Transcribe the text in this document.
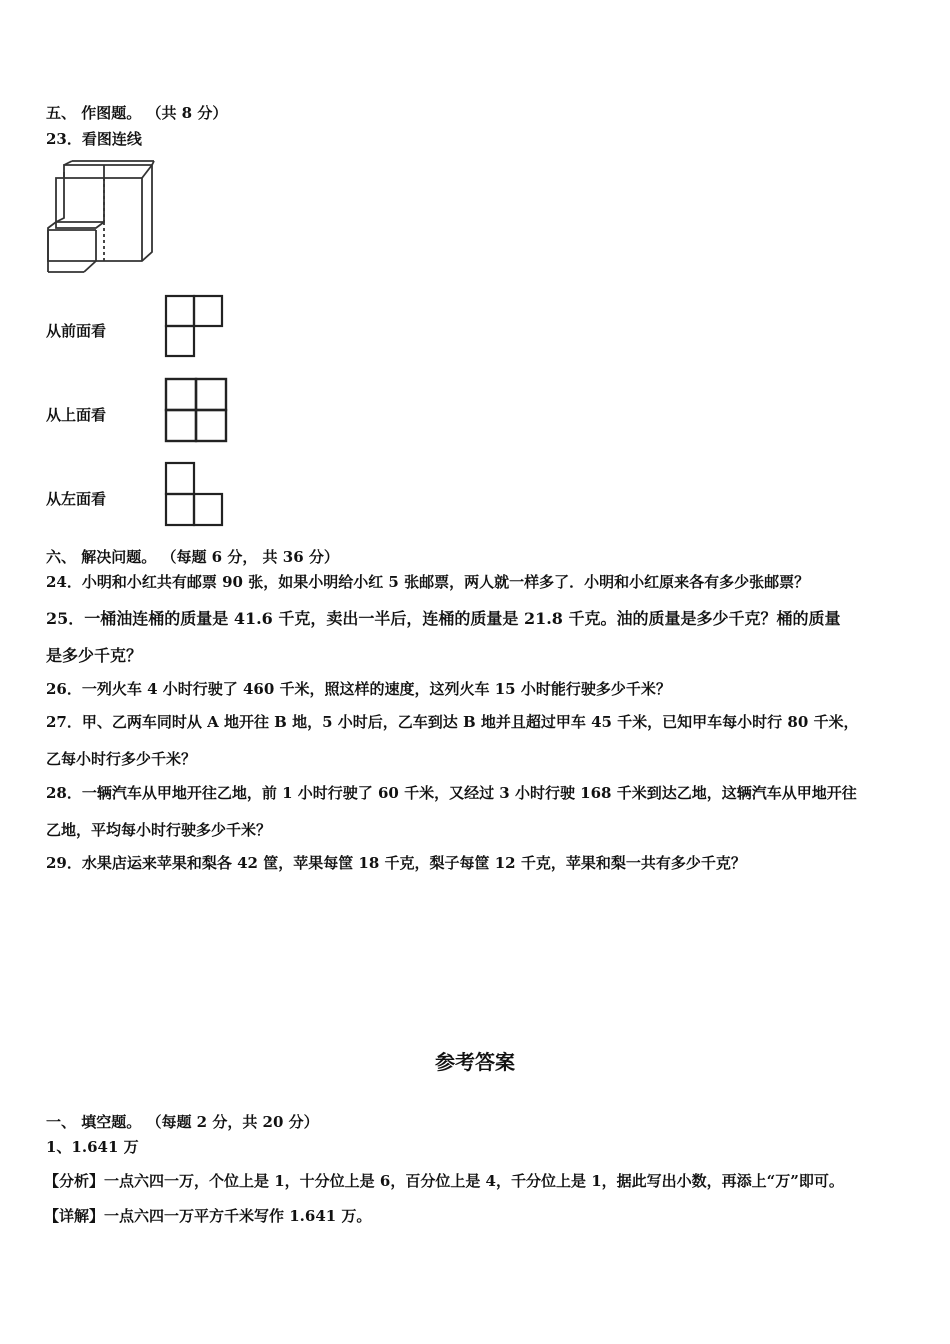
五、 作图题。 （共 8 分）
23．看图连线
从前面看
从上面看
从左面看
六、 解决问题。 （每题 6 分， 共 36 分）
24．小明和小红共有邮票 90 张，如果小明给小红 5 张邮票，两人就一样多了．小明和小红原来各有多少张邮票？
25．一桶油连桶的质量是 41.6 千克，卖出一半后，连桶的质量是 21.8 千克。油的质量是多少千克？桶的质量
是多少千克？
26．一列火车 4 小时行驶了 460 千米，照这样的速度，这列火车 15 小时能行驶多少千米？
27．甲、乙两车同时从 A 地开往 B 地，5 小时后，乙车到达 B 地并且超过甲车 45 千米，已知甲车每小时行 80 千米，
乙每小时行多少千米？
28．一辆汽车从甲地开往乙地，前 1 小时行驶了 60 千米，又经过 3 小时行驶 168 千米到达乙地，这辆汽车从甲地开往
乙地，平均每小时行驶多少千米？
29．水果店运来苹果和梨各 42 筐，苹果每筐 18 千克，梨子每筐 12 千克，苹果和梨一共有多少千克？
参考答案
一、 填空题。 （每题 2 分，共 20 分）
1、1.641 万
【分析】一点六四一万，个位上是 1，十分位上是 6，百分位上是 4，千分位上是 1，据此写出小数，再添上“万”即可。
【详解】一点六四一万平方千米写作 1.641 万。
